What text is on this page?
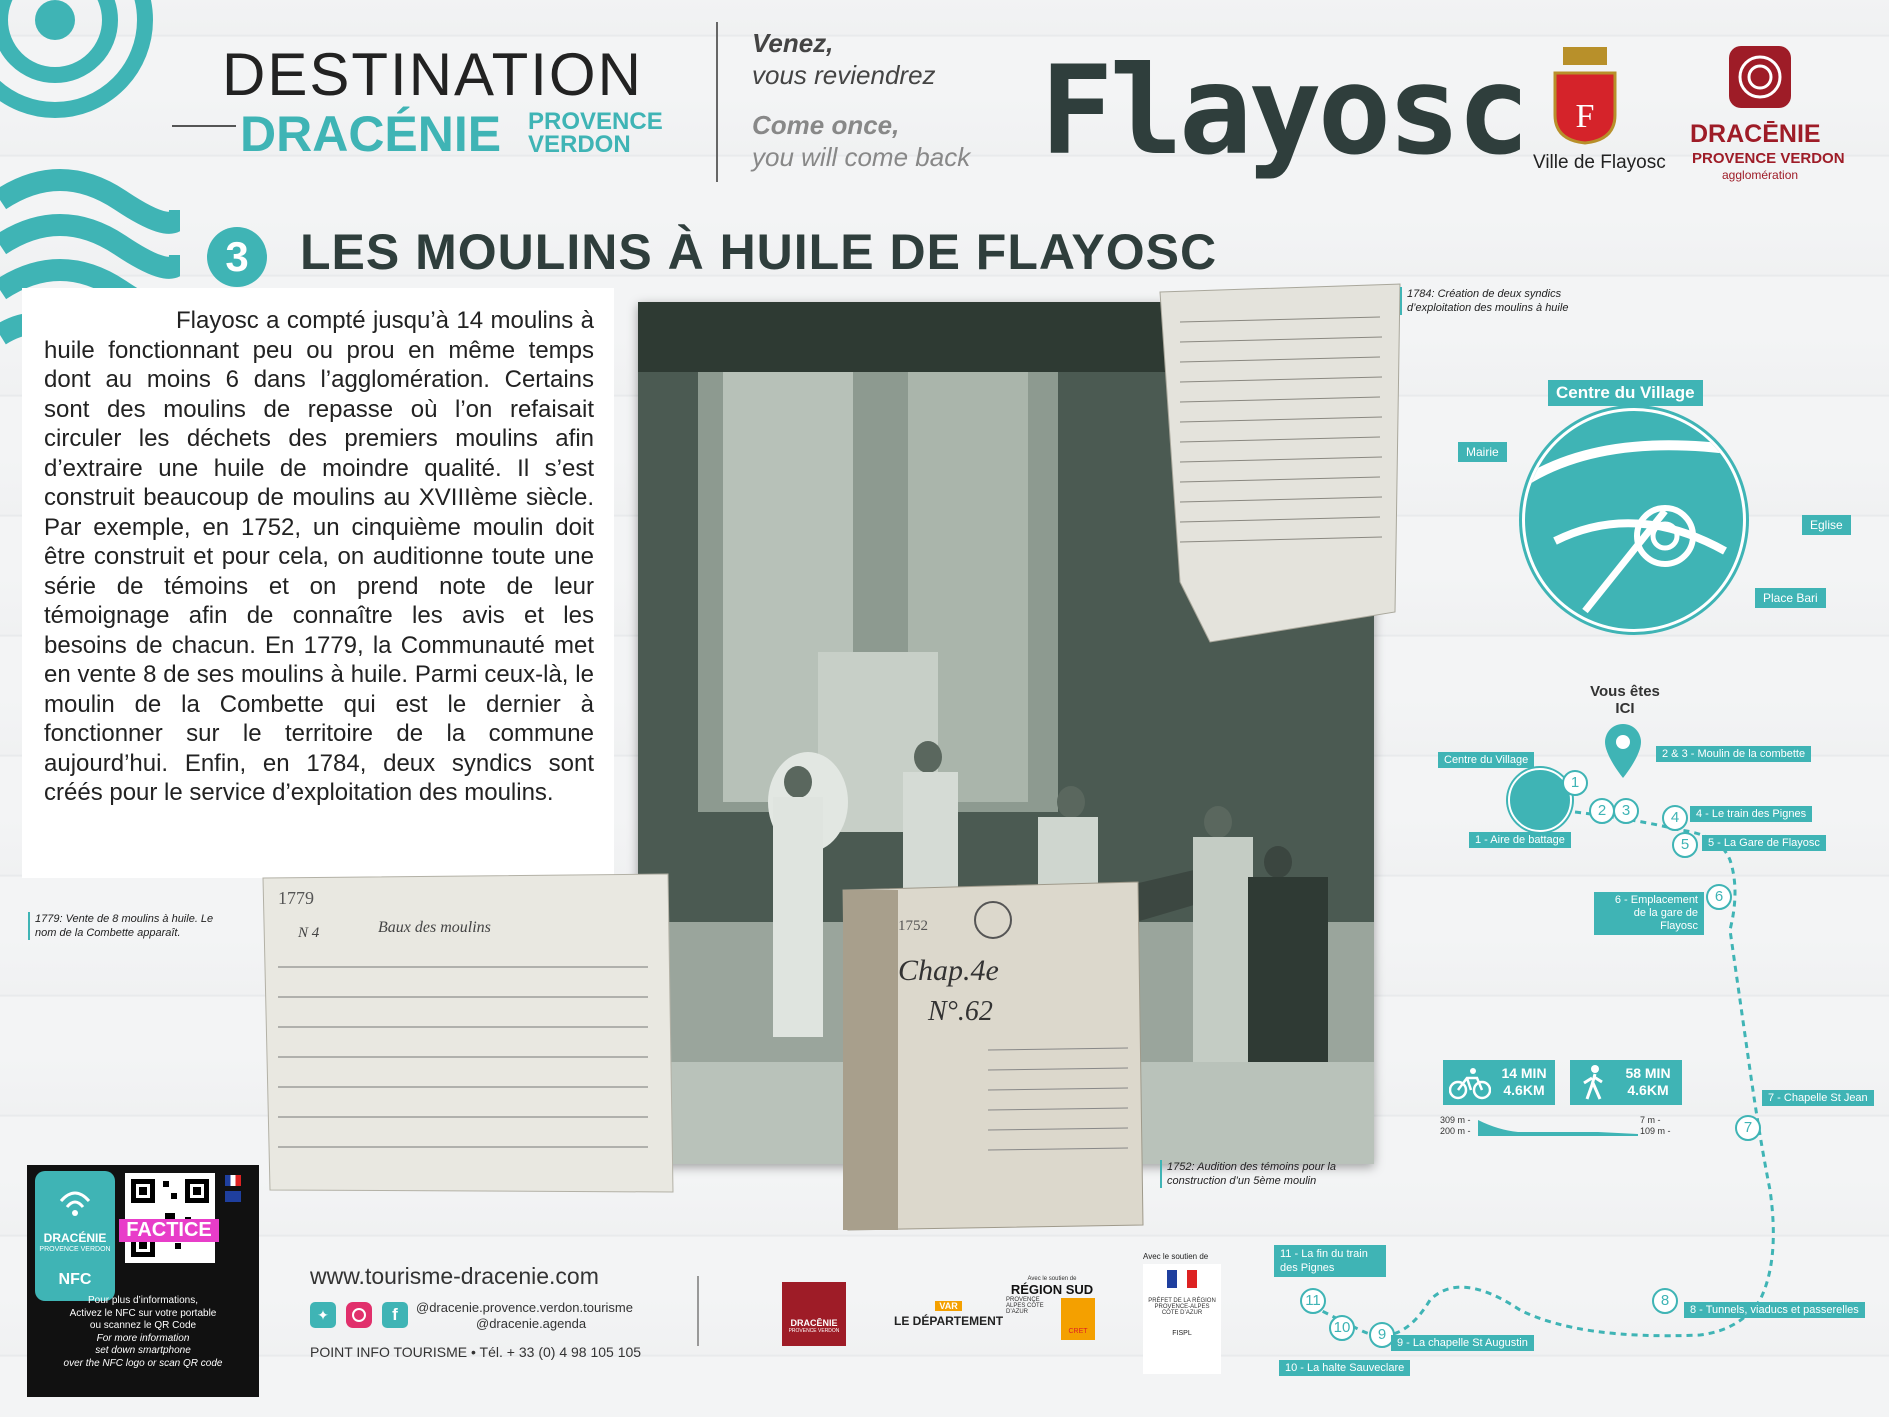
DESTINATION
DRACÉNIE PROVENCE
VERDON
Venez,
vous reviendrez
Come once,
you will come back Flayosc F
Ville de Flayosc
DRACĒNIE
PROVENCE VERDON
agglomération
3	LES MOULINS À HUILE DE FLAYOSC

Flayosc a compté jusqu’à 14 moulins à huile fonctionnant peu ou prou en même temps dont au moins 6 dans l’agglomération. Certains sont des moulins de repasse où l’on refaisait circuler les déchets des premiers moulins afin d’extraire une huile de moindre qualité. Il s’est construit beaucoup de moulins au XVIIIème siècle. Par exemple, en 1752, un cinquième moulin doit être construit et pour cela, on auditionne toute une série de témoins et on prend note de leur témoignage afin de connaître les avis et les besoins de chacun. En 1779, la Communauté met en vente 8 de ses moulins à huile. Parmi ceux-là, le moulin de la Combette qui est le dernier à fonctionner sur le territoire de la commune aujourd’hui. Enfin, en 1784, deux syndics sont créés pour le service d’exploitation des moulins.

1784: Création de deux syndics d’exploitation des moulins à huile
1779
N 4	Baux des moulins
1779: Vente de 8 moulins à huile. Le nom de la Combette apparaît.	1752
Chap.4e
N°.62
1752: Audition des témoins pour la construction d’un 5ème moulin
Centre du Village
Mairie
Eglise
Place Bari
Vous êtes
ICI
Centre du Village
1
2	3	4
5
6
7
8
9
10
11
1 - Aire de battage
2 & 3 - Moulin de la combette
4 - Le train des Pignes
5 - La Gare de Flayosc
6 - Emplacement de la gare de Flayosc
7 - Chapelle St Jean
8 - Tunnels, viaducs et passerelles
9 - La chapelle St Augustin
10 - La halte Sauveclare
11 - La fin du train des Pignes
14 MIN
4.6KM
58 MIN
4.6KM
309 m -
200 m -
7 m -
109 m -
DRACÉNIE
PROVENCE VERDON
NFC
FACTICE
Pour plus d’informations,
Activez le NFC sur votre portable
ou scannez le QR Code
For more information
set down smartphone
over the NFC logo or scan QR code
www.tourisme-dracenie.com
✦	f	@dracenie.provence.verdon.tourisme
@dracenie.agenda
POINT INFO TOURISME • Tél. + 33 (0) 4 98 105 105
DRACĒNIE
PROVENCE VERDON
VAR
LE DÉPARTEMENT
Avec le soutien de
RÉGION SUD
PROVENCE ALPES CÔTE D’AZUR
CRET
Avec le soutien de
PRÉFET DE LA RÉGION PROVENCE-ALPES CÔTE D’AZUR
FISPL
